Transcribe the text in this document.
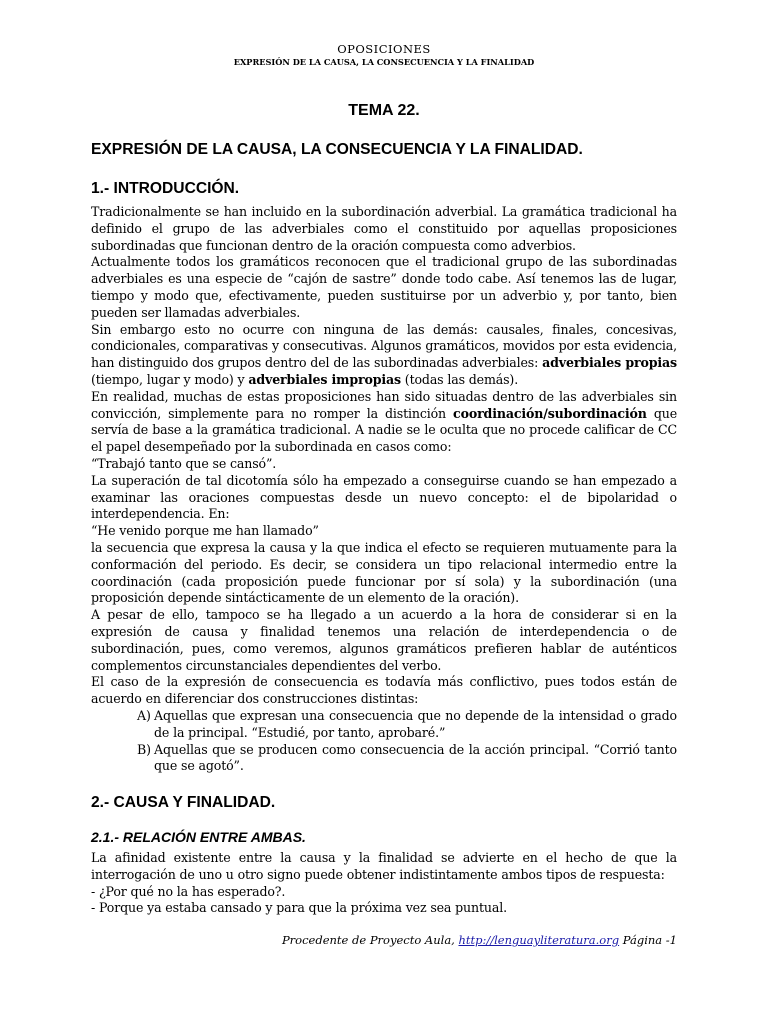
OPOSICIONES
EXPRESIÓN DE LA CAUSA, LA CONSECUENCIA Y LA FINALIDAD
TEMA 22.
EXPRESIÓN DE LA CAUSA, LA CONSECUENCIA Y LA FINALIDAD.
1.- INTRODUCCIÓN.
Tradicionalmente se han incluido en la subordinación adverbial. La gramática tradicional ha definido el grupo de las adverbiales como el constituido por aquellas proposiciones subordinadas que funcionan dentro de la oración compuesta como adverbios.
Actualmente todos los gramáticos reconocen que el tradicional grupo de las subordinadas adverbiales es una especie de “cajón de sastre” donde todo cabe. Así tenemos las de lugar, tiempo y modo que, efectivamente, pueden sustituirse por un adverbio y, por tanto, bien pueden ser llamadas adverbiales.
Sin embargo esto no ocurre con ninguna de las demás: causales, finales, concesivas, condicionales, comparativas y consecutivas. Algunos gramáticos, movidos por esta evidencia, han distinguido dos grupos dentro del de las subordinadas adverbiales: adverbiales propias (tiempo, lugar y modo) y adverbiales impropias (todas las demás).
En realidad, muchas de estas proposiciones han sido situadas dentro de las adverbiales sin convicción, simplemente para no romper la distinción coordinación/subordinación que servía de base a la gramática tradicional. A nadie se le oculta que no procede calificar de CC el papel desempeñado por la subordinada en casos como:
“Trabajó tanto que se cansó”.
La superación de tal dicotomía sólo ha empezado a conseguirse cuando se han empezado a examinar las oraciones compuestas desde un nuevo concepto: el de bipolaridad o interdependencia. En:
“He venido porque me han llamado”
la secuencia que expresa la causa y la que indica el efecto se requieren mutuamente para la conformación del periodo. Es decir, se considera un tipo relacional intermedio entre la coordinación (cada proposición puede funcionar por sí sola) y la subordinación (una proposición depende sintácticamente de un elemento de la oración).
A pesar de ello, tampoco se ha llegado a un acuerdo a la hora de considerar si en la expresión de causa y finalidad tenemos una relación de interdependencia o de subordinación, pues, como veremos, algunos gramáticos prefieren hablar de auténticos complementos circunstanciales dependientes del verbo.
El caso de la expresión de consecuencia es todavía más conflictivo, pues todos están de acuerdo en diferenciar dos construcciones distintas:
A) Aquellas que expresan una consecuencia que no depende de la intensidad o grado de la principal. “Estudié, por tanto, aprobaré.”
B) Aquellas que se producen como consecuencia de la acción principal. “Corrió tanto que se agotó”.
2.- CAUSA Y FINALIDAD.
2.1.- RELACIÓN ENTRE AMBAS.
La afinidad existente entre la causa y la finalidad se advierte en el hecho de que la interrogación de uno u otro signo puede obtener indistintamente ambos tipos de respuesta:
- ¿Por qué no la has esperado?.
- Porque ya estaba cansado y para que la próxima vez sea puntual.
Procedente de Proyecto Aula, http://lenguayliteratura.org Página -1
